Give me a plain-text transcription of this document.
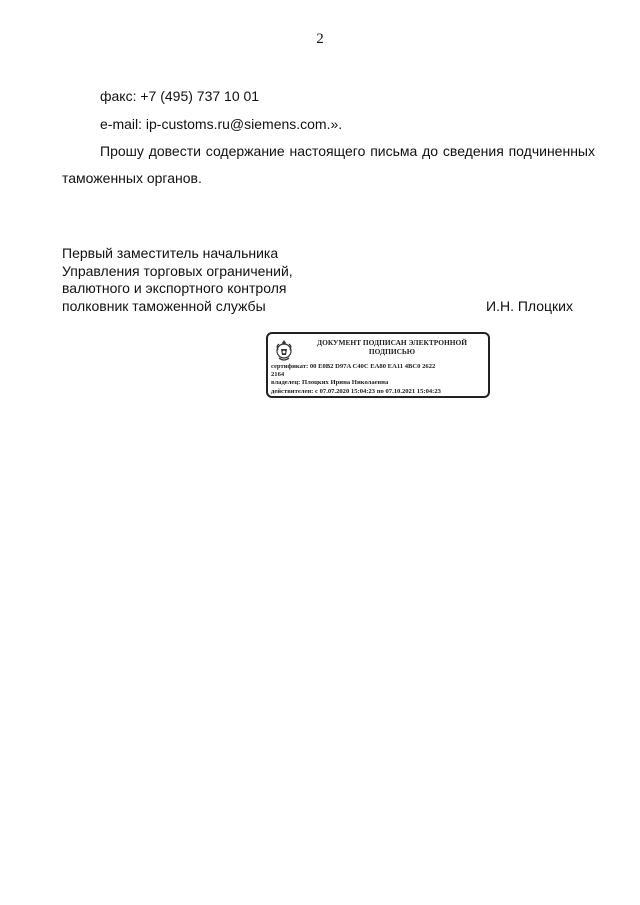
2
факс: +7 (495) 737 10 01
e-mail: ip-customs.ru@siemens.com.».
Прошу довести содержание настоящего письма до сведения подчиненных
таможенных органов.
Первый заместитель начальника
Управления торговых ограничений,
валютного и экспортного контроля
полковник таможенной службы	И.Н. Плоцких
ДОКУМЕНТ ПОДПИСАН ЭЛЕКТРОННОЙ
ПОДПИСЬЮ
сертификат: 00 E0B2 D97A C40C EA80 EA11 4BC0 2622
2164
владелец: Плоцких Ирина Николаевна
действителен: с 07.07.2020 15:04:23 по 07.10.2021 15:04:23
